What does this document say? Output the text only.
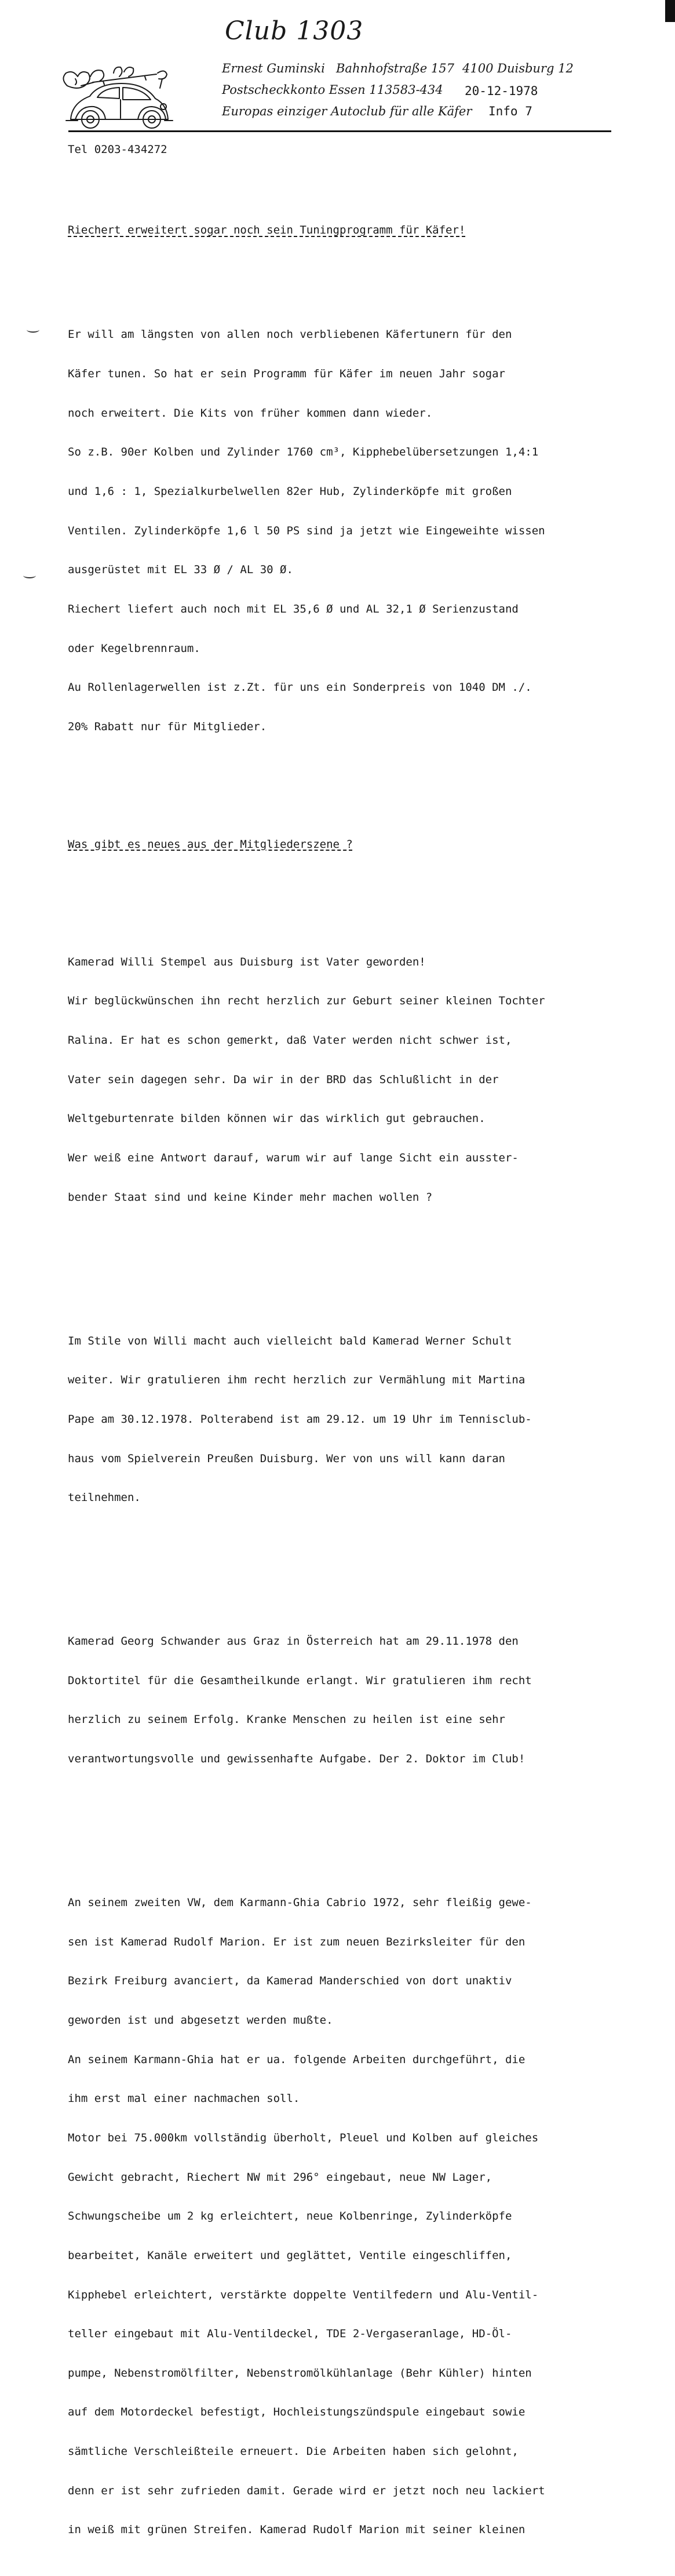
Club 1303
Ernest Guminski Bahnhofstraße 157 4100 Duisburg 12
Postscheckkonto Essen 113583-434 20-12-1978
Europas einziger Autoclub für alle Käfer Info 7
Tel 0203-434272

Riechert erweitert sogar noch sein Tuningprogramm für Käfer!

Er will am längsten von allen noch verbliebenen Käfertunern für den

Käfer tunen. So hat er sein Programm für Käfer im neuen Jahr sogar

noch erweitert. Die Kits von früher kommen dann wieder.

So z.B. 90er Kolben und Zylinder 1760 cm³, Kipphebelübersetzungen 1,4:1

und 1,6 : 1, Spezialkurbelwellen 82er Hub, Zylinderköpfe mit großen

Ventilen. Zylinderköpfe 1,6 l 50 PS sind ja jetzt wie Eingeweihte wissen

ausgerüstet mit EL 33 Ø / AL 30 Ø.

Riechert liefert auch noch mit EL 35,6 Ø und AL 32,1 Ø Serienzustand

oder Kegelbrennraum.

Au Rollenlagerwellen ist z.Zt. für uns ein Sonderpreis von 1040 DM ./.

20% Rabatt nur für Mitglieder.

Was gibt es neues aus der Mitgliederszene ?

Kamerad Willi Stempel aus Duisburg ist Vater geworden!

Wir beglückwünschen ihn recht herzlich zur Geburt seiner kleinen Tochter

Ralina. Er hat es schon gemerkt, daß Vater werden nicht schwer ist,

Vater sein dagegen sehr. Da wir in der BRD das Schlußlicht in der

Weltgeburtenrate bilden können wir das wirklich gut gebrauchen.

Wer weiß eine Antwort darauf, warum wir auf lange Sicht ein ausster-

bender Staat sind und keine Kinder mehr machen wollen ?

Im Stile von Willi macht auch vielleicht bald Kamerad Werner Schult

weiter. Wir gratulieren ihm recht herzlich zur Vermählung mit Martina

Pape am 30.12.1978. Polterabend ist am 29.12. um 19 Uhr im Tennisclub-

haus vom Spielverein Preußen Duisburg. Wer von uns will kann daran

teilnehmen.

Kamerad Georg Schwander aus Graz in Österreich hat am 29.11.1978 den

Doktortitel für die Gesamtheilkunde erlangt. Wir gratulieren ihm recht

herzlich zu seinem Erfolg. Kranke Menschen zu heilen ist eine sehr

verantwortungsvolle und gewissenhafte Aufgabe. Der 2. Doktor im Club!

An seinem zweiten VW, dem Karmann-Ghia Cabrio 1972, sehr fleißig gewe-

sen ist Kamerad Rudolf Marion. Er ist zum neuen Bezirksleiter für den

Bezirk Freiburg avanciert, da Kamerad Manderschied von dort unaktiv

geworden ist und abgesetzt werden mußte.

An seinem Karmann-Ghia hat er ua. folgende Arbeiten durchgeführt, die

ihm erst mal einer nachmachen soll.

Motor bei 75.000km vollständig überholt, Pleuel und Kolben auf gleiches

Gewicht gebracht, Riechert NW mit 296° eingebaut, neue NW Lager,

Schwungscheibe um 2 kg erleichtert, neue Kolbenringe, Zylinderköpfe

bearbeitet, Kanäle erweitert und geglättet, Ventile eingeschliffen,

Kipphebel erleichtert, verstärkte doppelte Ventilfedern und Alu-Ventil-

teller eingebaut mit Alu-Ventildeckel, TDE 2-Vergaseranlage, HD-Öl-

pumpe, Nebenstromölfilter, Nebenstromölkühlanlage (Behr Kühler) hinten

auf dem Motordeckel befestigt, Hochleistungszündspule eingebaut sowie

sämtliche Verschleißteile erneuert. Die Arbeiten haben sich gelohnt,

denn er ist sehr zufrieden damit. Gerade wird er jetzt noch neu lackiert

in weiß mit grünen Streifen. Kamerad Rudolf Marion mit seiner kleinen
